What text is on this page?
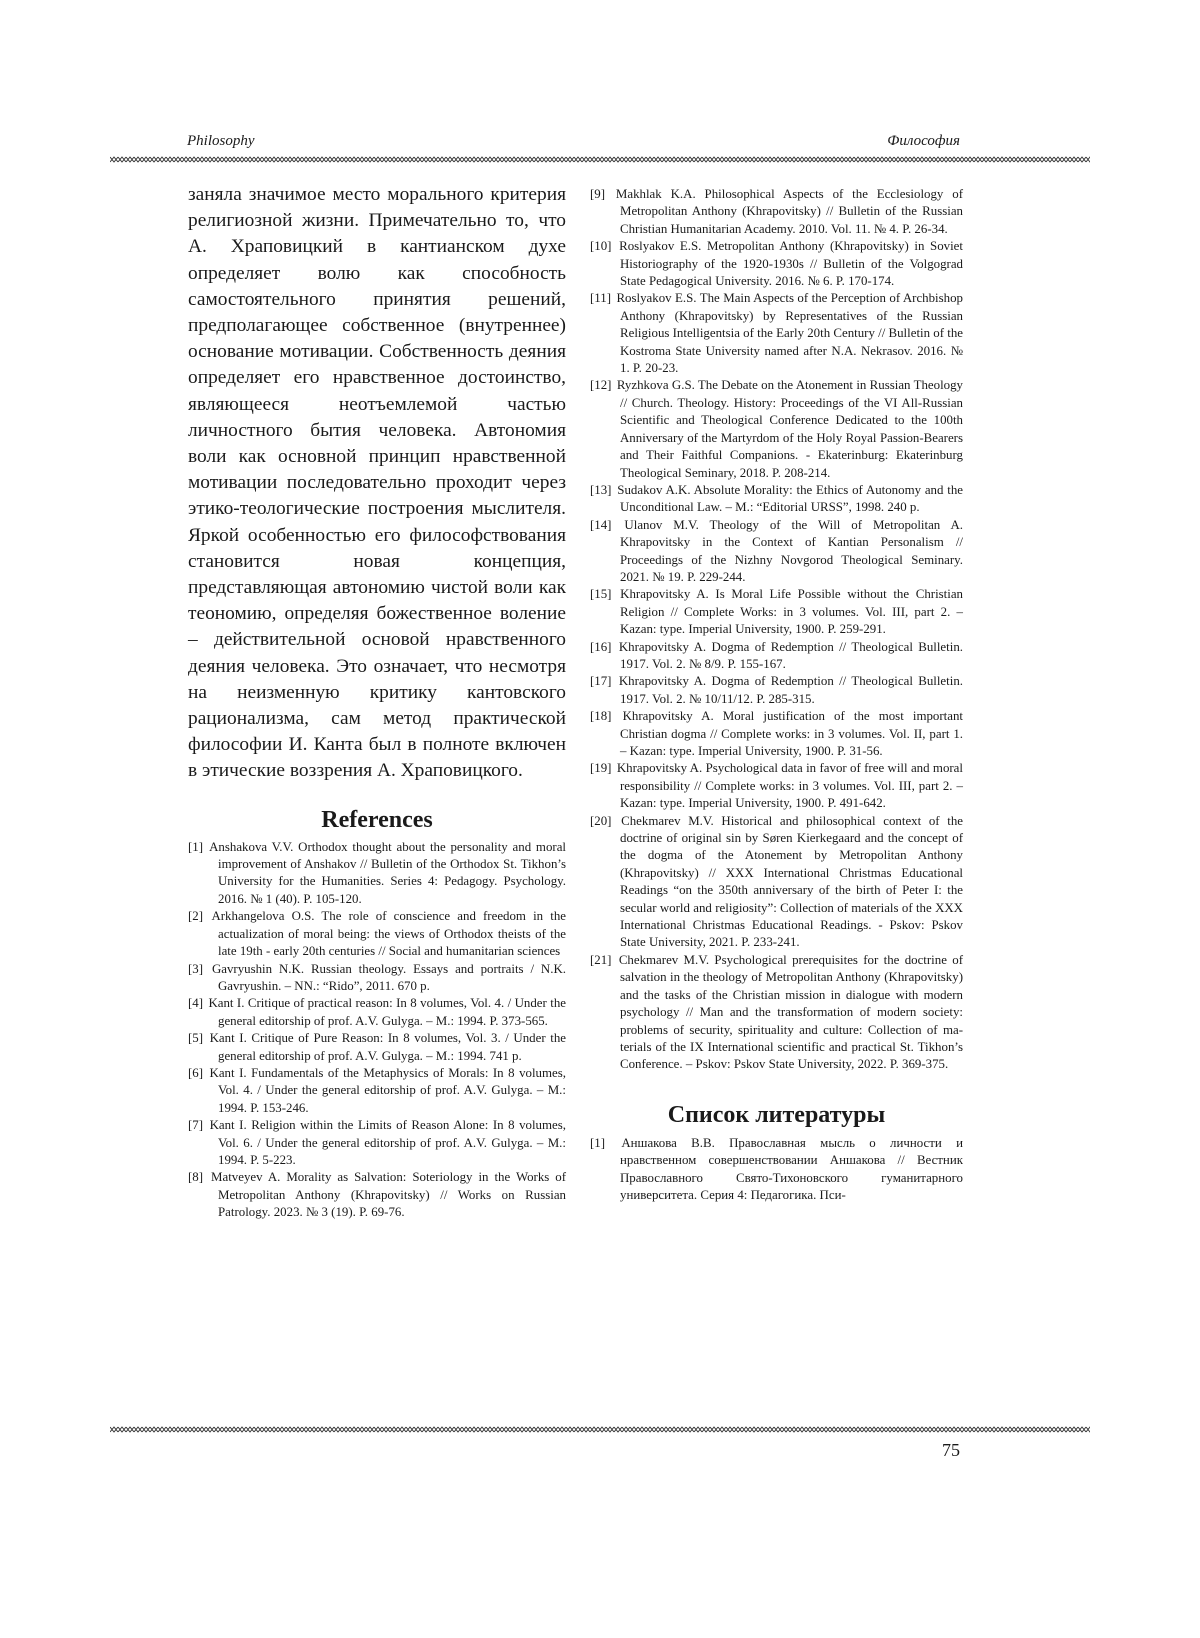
Philosophy	Философия

заняла значимое место морального критерия религиозной жизни. Приме­чательно то, что А. Храповицкий в кан­тианском духе определяет волю как спо­собность самостоятельного принятия решений, предполагающее собственное (внутреннее) основание мотивации. Собственность деяния определяет его нравственное достоинство, являющее­ся неотъемлемой частью личностного бытия человека. Автономия воли как основной принцип нравственной мо­тивации последовательно проходит через этико-теологические построения мыслителя. Яркой особенностью его философствования становится новая концепция, представляющая автоно­мию чистой воли как теономию, опре­деляя божественное воление – действи­тельной основой нравственного деяния человека. Это означает, что несмотря на неизменную критику кантовского рационализма, сам метод практической философии И. Канта был в полноте включен в этические воззрения А. Хра­повицкого.

References
[1] Anshakova V.V. Orthodox thought about the personal­ity and moral improvement of Anshakov // Bulletin of the Orthodox St. Tikhon’s University for the Human­ities. Series 4: Pedagogy. Psychology. 2016. № 1 (40). P. 105-120.
[2] Arkhangelova O.S. The role of conscience and freedom in the actualization of moral being: the views of Orthodox theists of the late 19th - early 20th centuries // Social and humanitarian sciences
[3] Gavryushin N.K. Russian theology. Essays and portraits / N.K. Gavryushin. – NN.: “Rido”, 2011. 670 p.
[4] Kant I. Critique of practical reason: In 8 volumes, Vol. 4. / Under the general editorship of prof. A.V. Gulyga. – M.: 1994. P. 373-565.
[5] Kant I. Critique of Pure Reason: In 8 volumes, Vol. 3. / Under the general editorship of prof. A.V. Gulyga. – M.: 1994. 741 p.
[6] Kant I. Fundamentals of the Metaphysics of Morals: In 8 volumes, Vol. 4. / Under the general editorship of prof. A.V. Gulyga. – M.: 1994. P. 153-246.
[7] Kant I. Religion within the Limits of Reason Alone: In 8 volumes, Vol. 6. / Under the general editorship of prof. A.V. Gulyga. – M.: 1994. P. 5-223.
[8] Matveyev A. Morality as Salvation: Soteriology in the Works of Metropolitan Anthony (Khrapovitsky) // Works on Russian Patrology. 2023. № 3 (19). P. 69-76.
[9] Makhlak K.A. Philosophical Aspects of the Ecclesiology of Metropolitan Anthony (Khrapovitsky) // Bulletin of the Russian Christian Humanitarian Academy. 2010. Vol. 11. № 4. P. 26-34.
[10] Roslyakov E.S. Metropolitan Anthony (Khrapovitsky) in Soviet Historiography of the 1920-1930s // Bulletin of the Volgograd State Pedagogical University. 2016. № 6. P. 170-174.
[11] Roslyakov E.S. The Main Aspects of the Perception of Archbishop Anthony (Khrapovitsky) by Representa­tives of the Russian Religious Intelligentsia of the Early 20th Century // Bulletin of the Kostroma State Universi­ty named after N.A. Nekrasov. 2016. № 1. P. 20-23.
[12] Ryzhkova G.S. The Debate on the Atonement in Russian Theology // Church. Theology. History: Proceedings of the VI All-Russian Scientific and Theological Confer­ence Dedicated to the 100th Anniversary of the Mar­tyrdom of the Holy Royal Passion-Bearers and Their Faithful Companions. - Ekaterinburg: Ekaterinburg Theological Seminary, 2018. P. 208-214.
[13] Sudakov A.K. Absolute Morality: the Ethics of Autono­my and the Unconditional Law. – M.: “Editorial URSS”, 1998. 240 p.
[14] Ulanov M.V. Theology of the Will of Metropolitan A. Khrapovitsky in the Context of Kantian Personalism // Proceedings of the Nizhny Novgorod Theological Seminary. 2021. № 19. P. 229-244.
[15] Khrapovitsky A. Is Moral Life Possible without the Christian Religion // Complete Works: in 3 volumes. Vol. III, part 2. – Kazan: type. Imperial University, 1900. P. 259-291.
[16] Khrapovitsky A. Dogma of Redemption // Theological Bulletin. 1917. Vol. 2. № 8/9. P. 155-167.
[17] Khrapovitsky A. Dogma of Redemption // Theological Bulletin. 1917. Vol. 2. № 10/11/12. P. 285-315.
[18] Khrapovitsky A. Moral justification of the most import­ant Christian dogma // Complete works: in 3 volumes. Vol. II, part 1. – Kazan: type. Imperial University, 1900. P. 31-56.
[19] Khrapovitsky A. Psychological data in favor of free will and moral responsibility // Complete works: in 3 vol­umes. Vol. III, part 2. – Kazan: type. Imperial Universi­ty, 1900. P. 491-642.
[20] Chekmarev M.V. Historical and philosophical context of the doctrine of original sin by Søren Kierkegaard and the concept of the dogma of the Atonement by Metro­politan Anthony (Khrapovitsky) // XXX International Christmas Educational Readings “on the 350th anniver­sary of the birth of Peter I: the secular world and religi­osity”: Collection of materials of the XXX International Christmas Educational Readings. - Pskov: Pskov State University, 2021. P. 233-241.
[21] Chekmarev M.V. Psychological prerequisites for the doctrine of salvation in the theology of Metropolitan Anthony (Khrapovitsky) and the tasks of the Christian mission in dialogue with modern psychology // Man and the transformation of modern society: problems of security, spirituality and culture: Collection of ma­terials of the IX International scientific and practical St. Tikhon’s Conference. – Pskov: Pskov State University, 2022. P. 369-375.
Список литературы
[1] Аншакова В.В. Православная мысль о личности и нравственном совершенствовании Аншакова // Вестник Православного Свято-Тихоновского гума­нитарного университета. Серия 4: Педагогика. Пси-
75
